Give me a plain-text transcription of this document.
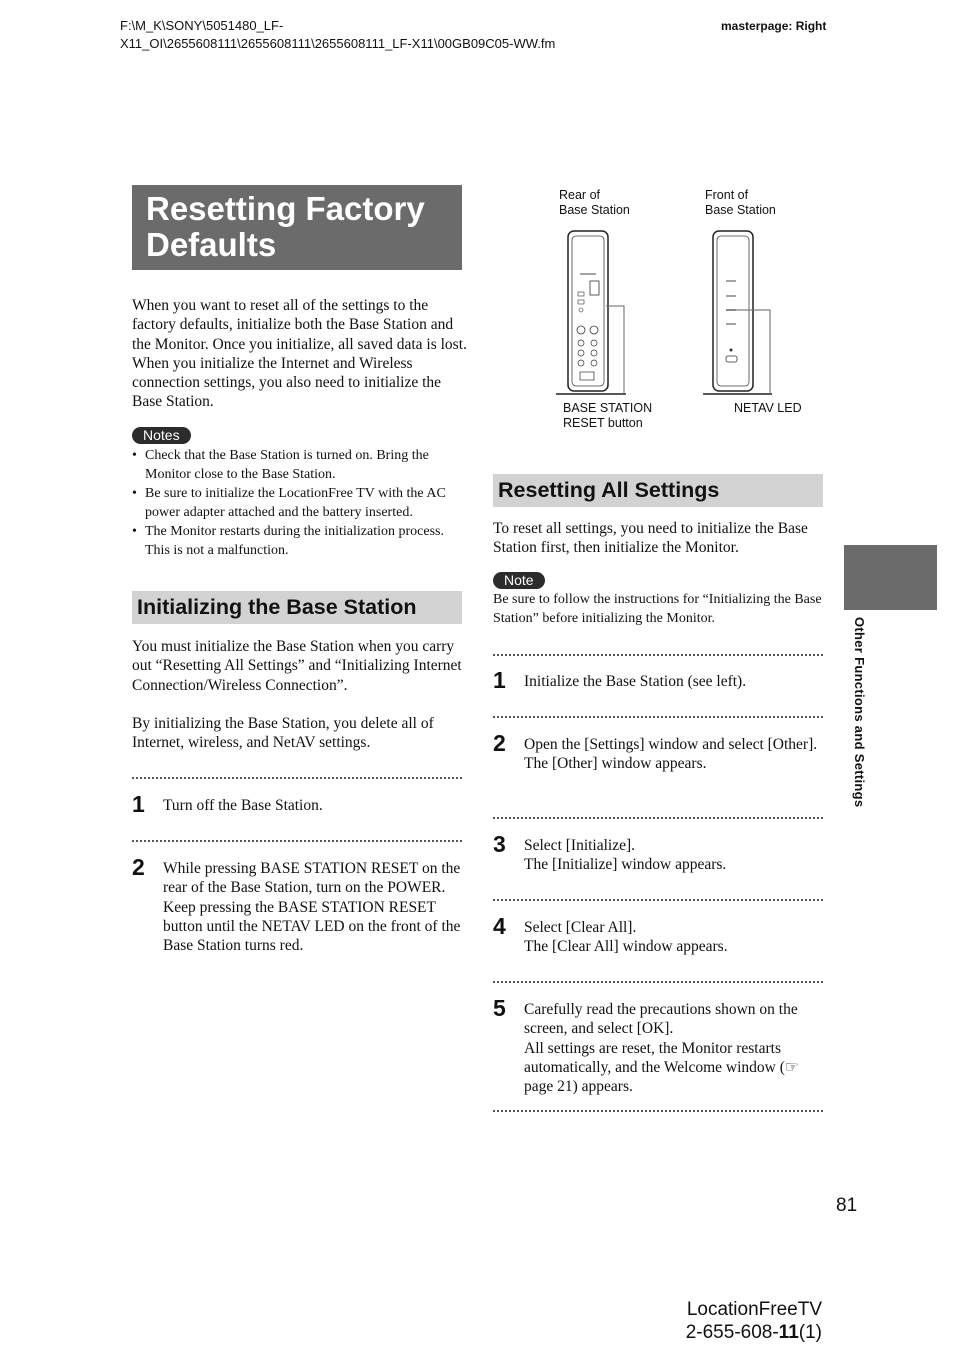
F:\M_K\SONY\5051480_LF-
X11_OI\2655608111\2655608111\2655608111_LF-X11\00GB09C05-WW.fm
masterpage: Right
Resetting Factory
Defaults
When you want to reset all of the settings to the factory defaults, initialize both the Base Station and the Monitor. Once you initialize, all saved data is lost. When you initialize the Internet and Wireless connection settings, you also need to initialize the Base Station.
Notes
• Check that the Base Station is turned on. Bring the Monitor close to the Base Station.
• Be sure to initialize the LocationFree TV with the AC power adapter attached and the battery inserted.
• The Monitor restarts during the initialization process. This is not a malfunction.
Initializing the Base Station
You must initialize the Base Station when you carry out “Resetting All Settings” and “Initializing Internet Connection/Wireless Connection”.
By initializing the Base Station, you delete all of Internet, wireless, and NetAV settings.
1 Turn off the Base Station.
2 While pressing BASE STATION RESET on the rear of the Base Station, turn on the POWER.
Keep pressing the BASE STATION RESET button until the NETAV LED on the front of the Base Station turns red.
Rear of
Base Station
Front of
Base Station
BASE STATION
RESET button
NETAV LED
Resetting All Settings
To reset all settings, you need to initialize the Base Station first, then initialize the Monitor.
Note
Be sure to follow the instructions for “Initializing the Base Station” before initializing the Monitor.
1 Initialize the Base Station (see left).
2 Open the [Settings] window and select [Other].
The [Other] window appears.
3 Select [Initialize].
The [Initialize] window appears.
4 Select [Clear All].
The [Clear All] window appears.
5 Carefully read the precautions shown on the screen, and select [OK].
All settings are reset, the Monitor restarts automatically, and the Welcome window (☞ page 21) appears.
Other Functions and Settings
81
LocationFreeTV
2-655-608-11(1)
